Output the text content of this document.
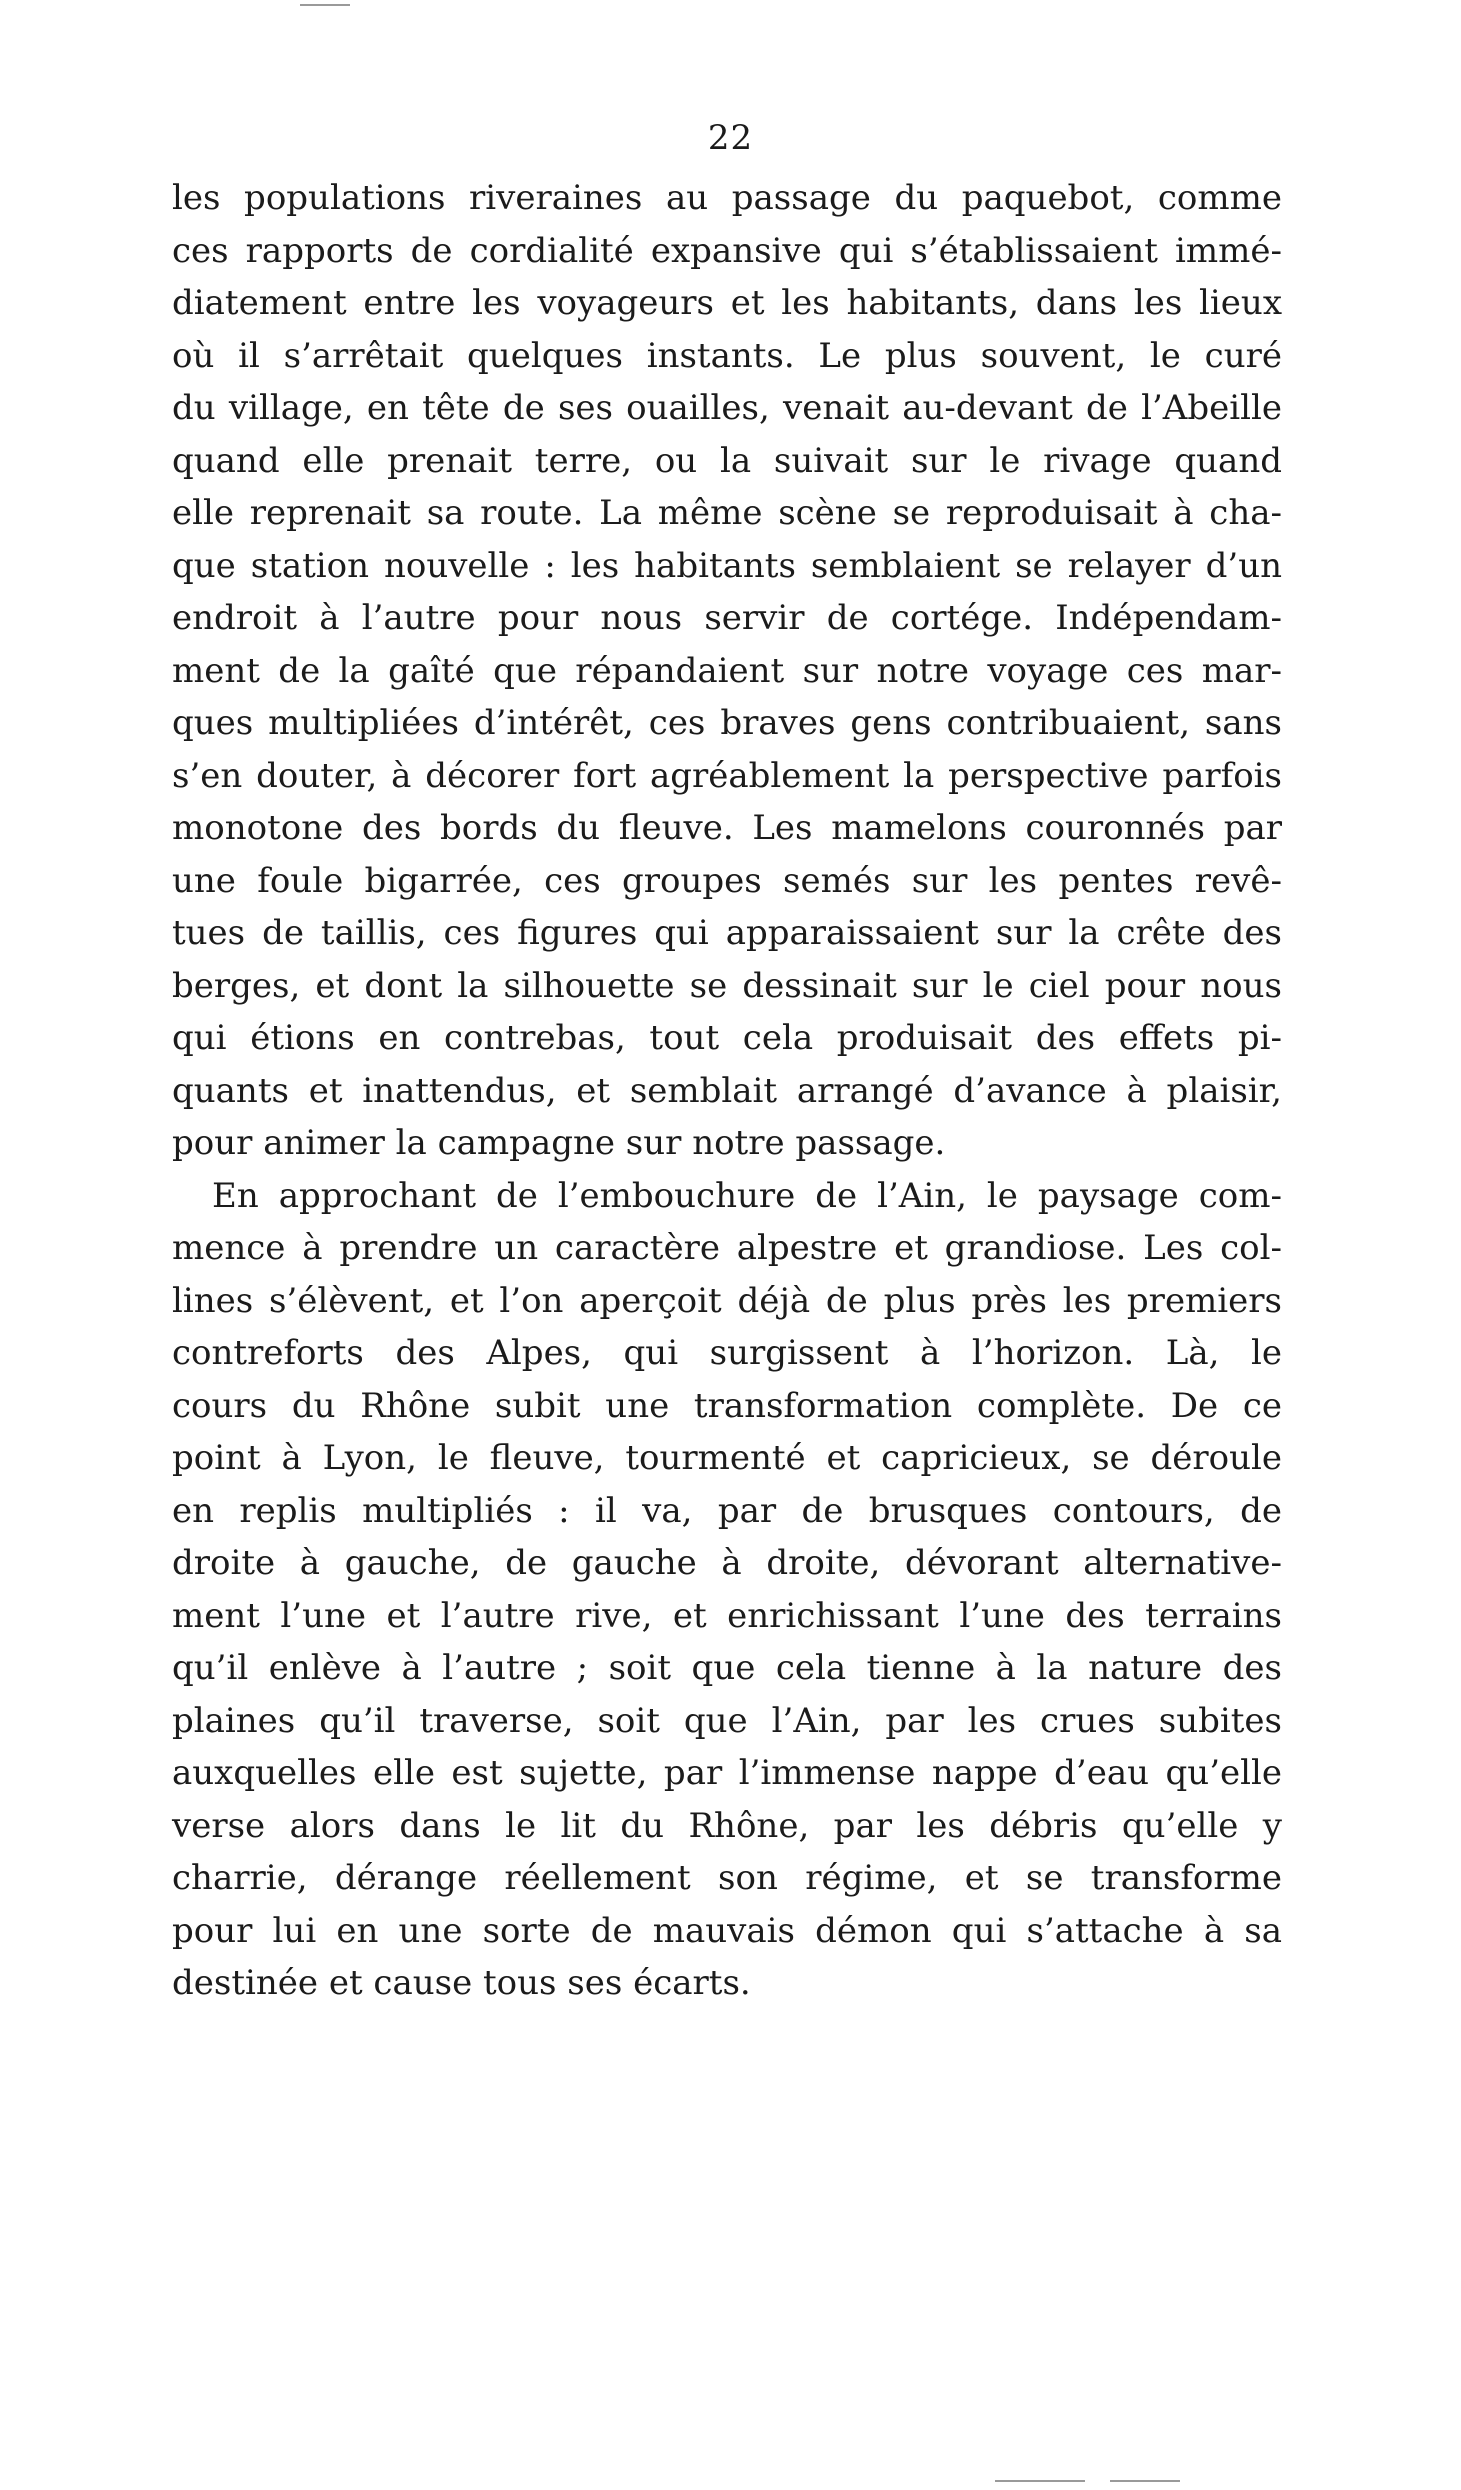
22
les populations riveraines au passage du paquebot, comme
ces rapports de cordialité expansive qui s’établissaient immé-
diatement entre les voyageurs et les habitants, dans les lieux
où il s’arrêtait quelques instants. Le plus souvent, le curé
du village, en tête de ses ouailles, venait au-devant de l’Abeille
quand elle prenait terre, ou la suivait sur le rivage quand
elle reprenait sa route. La même scène se reproduisait à cha-
que station nouvelle : les habitants semblaient se relayer d’un
endroit à l’autre pour nous servir de cortége. Indépendam-
ment de la gaîté que répandaient sur notre voyage ces mar-
ques multipliées d’intérêt, ces braves gens contribuaient, sans
s’en douter, à décorer fort agréablement la perspective parfois
monotone des bords du fleuve. Les mamelons couronnés par
une foule bigarrée, ces groupes semés sur les pentes revê-
tues de taillis, ces figures qui apparaissaient sur la crête des
berges, et dont la silhouette se dessinait sur le ciel pour nous
qui étions en contrebas, tout cela produisait des effets pi-
quants et inattendus, et semblait arrangé d’avance à plaisir,
pour animer la campagne sur notre passage.
En approchant de l’embouchure de l’Ain, le paysage com-
mence à prendre un caractère alpestre et grandiose. Les col-
lines s’élèvent, et l’on aperçoit déjà de plus près les premiers
contreforts des Alpes, qui surgissent à l’horizon. Là, le
cours du Rhône subit une transformation complète. De ce
point à Lyon, le fleuve, tourmenté et capricieux, se déroule
en replis multipliés : il va, par de brusques contours, de
droite à gauche, de gauche à droite, dévorant alternative-
ment l’une et l’autre rive, et enrichissant l’une des terrains
qu’il enlève à l’autre ; soit que cela tienne à la nature des
plaines qu’il traverse, soit que l’Ain, par les crues subites
auxquelles elle est sujette, par l’immense nappe d’eau qu’elle
verse alors dans le lit du Rhône, par les débris qu’elle y
charrie, dérange réellement son régime, et se transforme
pour lui en une sorte de mauvais démon qui s’attache à sa
destinée et cause tous ses écarts.
